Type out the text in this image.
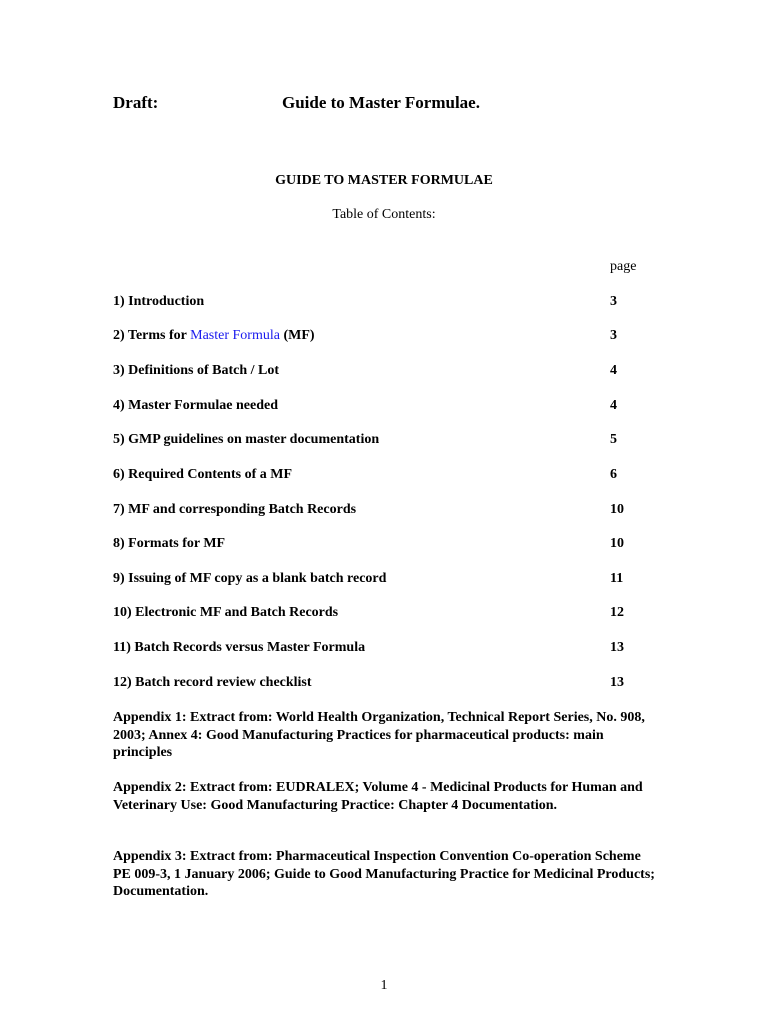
Draft:	Guide to Master Formulae.
GUIDE TO MASTER FORMULAE
Table of Contents:
page
1) Introduction	3
2) Terms for Master Formula (MF)	3
3) Definitions of Batch / Lot	4
4) Master Formulae needed	4
5) GMP guidelines on master documentation	5
6) Required Contents of a MF	6
7) MF and corresponding Batch Records	10
8) Formats for MF	10
9) Issuing of MF copy as a blank batch record	11
10) Electronic MF and Batch Records	12
11) Batch Records versus Master Formula	13
12) Batch record review checklist	13
Appendix 1: Extract from: World Health Organization, Technical Report Series, No. 908, 2003; Annex 4: Good Manufacturing Practices for pharmaceutical products: main principles
Appendix 2: Extract from: EUDRALEX; Volume 4 - Medicinal Products for Human and Veterinary Use: Good Manufacturing Practice: Chapter 4 Documentation.
Appendix 3: Extract from: Pharmaceutical Inspection Convention Co-operation Scheme PE 009-3, 1 January 2006; Guide to Good Manufacturing Practice for Medicinal Products; Documentation.
1
